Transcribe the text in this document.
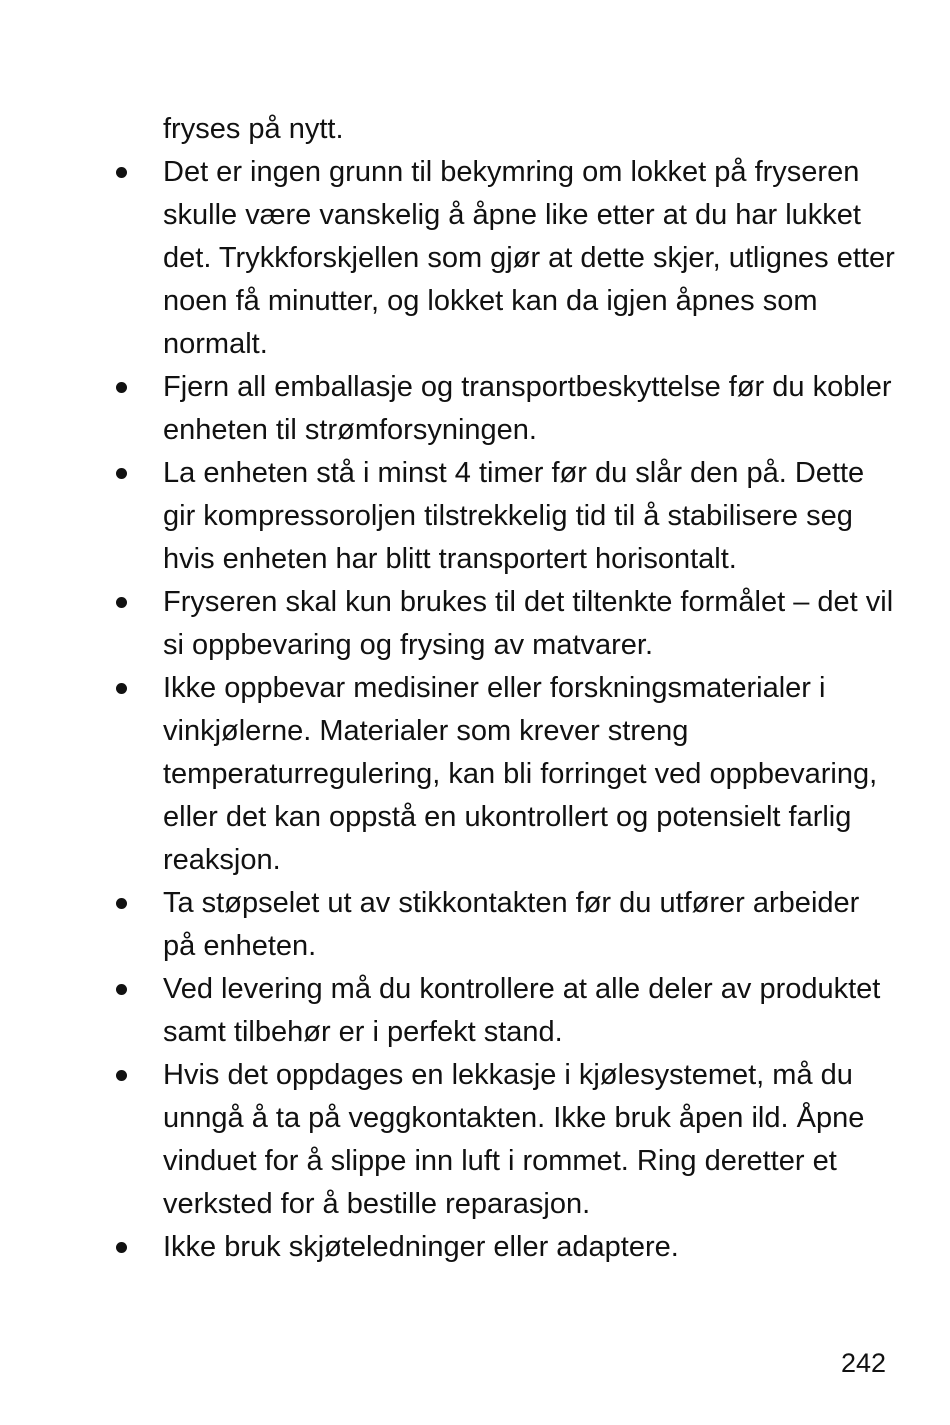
fryses på nytt.

Det er ingen grunn til bekymring om lokket på fryseren skulle være vanskelig å åpne like etter at du har lukket det. Trykkforskjellen som gjør at dette skjer, utlignes etter noen få minutter, og lokket kan da igjen åpnes som normalt.
Fjern all emballasje og transportbeskyttelse før du kobler enheten til strømforsyningen.
La enheten stå i minst 4 timer før du slår den på. Dette gir kompressoroljen tilstrekkelig tid til å stabilisere seg hvis enheten har blitt transportert horisontalt.
Fryseren skal kun brukes til det tiltenkte formålet – det vil si oppbevaring og frysing av matvarer.
Ikke oppbevar medisiner eller forskningsmaterialer i vinkjølerne. Materialer som krever streng temperaturregulering, kan bli forringet ved oppbevaring, eller det kan oppstå en ukontrollert og potensielt farlig reaksjon.
Ta støpselet ut av stikkontakten før du utfører arbeider på enheten.
Ved levering må du kontrollere at alle deler av produktet samt tilbehør er i perfekt stand.
Hvis det oppdages en lekkasje i kjølesystemet, må du unngå å ta på veggkontakten. Ikke bruk åpen ild. Åpne vinduet for å slippe inn luft i rommet. Ring deretter et verksted for å bestille reparasjon.
Ikke bruk skjøteledninger eller adaptere.
242
